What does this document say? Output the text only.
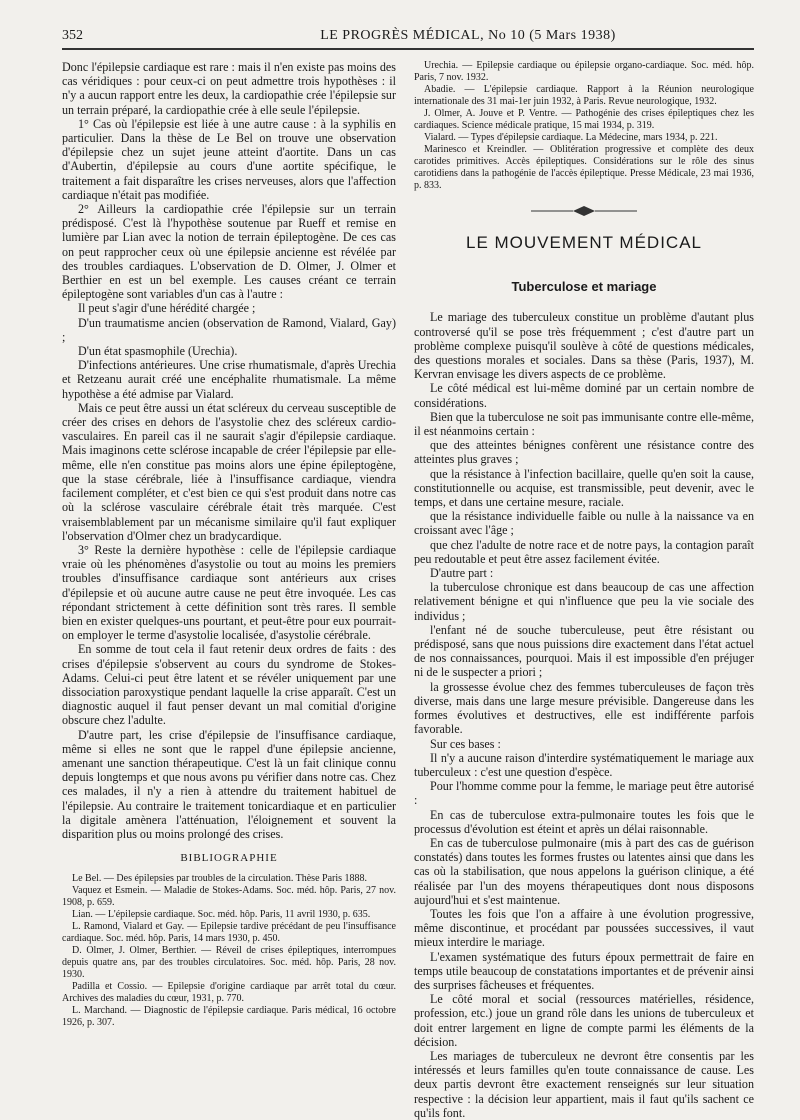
352	LE PROGRÈS MÉDICAL, No 10 (5 Mars 1938)

Donc l'épilepsie cardiaque est rare : mais il n'en existe pas moins des cas véridiques : pour ceux-ci on peut admettre trois hypothèses : il n'y a aucun rapport entre les deux, la cardiopathie crée l'épilepsie sur un terrain préparé, la cardiopathie crée à elle seule l'épilepsie.

1° Cas où l'épilepsie est liée à une autre cause : à la syphilis en particulier. Dans la thèse de Le Bel on trouve une observation d'épilepsie chez un sujet jeune atteint d'aortite. Dans un cas d'Aubertin, d'épilepsie au cours d'une aortite spécifique, le traitement a fait disparaître les crises nerveuses, alors que l'affection cardiaque n'était pas modifiée.

2° Ailleurs la cardiopathie crée l'épilepsie sur un terrain prédisposé. C'est là l'hypothèse soutenue par Rueff et remise en lumière par Lian avec la notion de terrain épileptogène. De ces cas on peut rapprocher ceux où une épilepsie ancienne est révélée par des troubles cardiaques. L'observation de D. Olmer, J. Olmer et Berthier en est un bel exemple. Les causes créant ce terrain épileptogène sont variables d'un cas à l'autre :

Il peut s'agir d'une hérédité chargée ;

D'un traumatisme ancien (observation de Ramond, Vialard, Gay) ;

D'un état spasmophile (Urechia).

D'infections antérieures. Une crise rhumatismale, d'après Urechia et Retzeanu aurait créé une encéphalite rhumatismale. La même hypothèse a été admise par Vialard.

Mais ce peut être aussi un état scléreux du cerveau susceptible de créer des crises en dehors de l'asystolie chez des scléreux cardio-vasculaires. En pareil cas il ne saurait s'agir d'épilepsie cardiaque. Mais imaginons cette sclérose incapable de créer l'épilepsie par elle-même, elle n'en constitue pas moins alors une épine épileptogène, que la stase cérébrale, liée à l'insuffisance cardiaque, viendra facilement compléter, et c'est bien ce qui s'est produit dans notre cas où la sclérose vasculaire cérébrale était très marquée. C'est vraisemblablement par un mécanisme similaire qu'il faut expliquer l'observation d'Olmer chez un bradycardique.

3° Reste la dernière hypothèse : celle de l'épilepsie cardiaque vraie où les phénomènes d'asystolie ou tout au moins les premiers troubles d'insuffisance cardiaque sont antérieurs aux crises d'épilepsie et où aucune autre cause ne peut être invoquée. Les cas répondant strictement à cette définition sont très rares. Il semble bien en exister quelques-uns pourtant, et peut-être pour eux pourrait-on employer le terme d'asystolie localisée, d'asystolie cérébrale.

En somme de tout cela il faut retenir deux ordres de faits : des crises d'épilepsie s'observent au cours du syndrome de Stokes-Adams. Celui-ci peut être latent et se révéler uniquement par une dissociation paroxystique pendant laquelle la crise apparaît. C'est un diagnostic auquel il faut penser devant un mal comitial d'origine obscure chez l'adulte.

D'autre part, les crise d'épilepsie de l'insuffisance cardiaque, même si elles ne sont que le rappel d'une épilepsie ancienne, amenant une sanction thérapeutique. C'est là un fait clinique connu depuis longtemps et que nous avons pu vérifier dans notre cas. Chez ces malades, il n'y a rien à attendre du traitement habituel de l'épilepsie. Au contraire le traitement tonicardiaque et en particulier la digitale amènera l'atténuation, l'éloignement et souvent la disparition plus ou moins prolongé des crises.

BIBLIOGRAPHIE

Le Bel. — Des épilepsies par troubles de la circulation. Thèse Paris 1888.

Vaquez et Esmein. — Maladie de Stokes-Adams. Soc. méd. hôp. Paris, 27 nov. 1908, p. 659.

Lian. — L'épilepsie cardiaque. Soc. méd. hôp. Paris, 11 avril 1930, p. 635.

L. Ramond, Vialard et Gay. — Epilepsie tardive précédant de peu l'insuffisance cardiaque. Soc. méd. hôp. Paris, 14 mars 1930, p. 450.

D. Olmer, J. Olmer, Berthier. — Réveil de crises épileptiques, interrompues depuis quatre ans, par des troubles circulatoires. Soc. méd. hôp. Paris, 28 nov. 1930.

Padilla et Cossio. — Epilepsie d'origine cardiaque par arrêt total du cœur. Archives des maladies du cœur, 1931, p. 770.

L. Marchand. — Diagnostic de l'épilepsie cardiaque. Paris médical, 16 octobre 1926, p. 307.

Urechia. — Epilepsie cardiaque ou épilepsie organo-cardiaque. Soc. méd. hôp. Paris, 7 nov. 1932.

Abadie. — L'épilepsie cardiaque. Rapport à la Réunion neurologique internationale des 31 mai-1er juin 1932, à Paris. Revue neurologique, 1932.

J. Olmer, A. Jouve et P. Ventre. — Pathogénie des crises épileptiques chez les cardiaques. Science médicale pratique, 15 mai 1934, p. 319.

Vialard. — Types d'épilepsie cardiaque. La Médecine, mars 1934, p. 221.

Marinesco et Kreindler. — Oblitération progressive et complète des deux carotides primitives. Accès épileptiques. Considérations sur le rôle des sinus carotidiens dans la pathogénie de l'accès épileptique. Presse Médicale, 23 mai 1936, p. 833.

LE MOUVEMENT MÉDICAL

Tuberculose et mariage

Le mariage des tuberculeux constitue un problème d'autant plus controversé qu'il se pose très fréquemment ; c'est d'autre part un problème complexe puisqu'il soulève à côté de questions médicales, des questions morales et sociales. Dans sa thèse (Paris, 1937), M. Kervran envisage les divers aspects de ce problème.

Le côté médical est lui-même dominé par un certain nombre de considérations.

Bien que la tuberculose ne soit pas immunisante contre elle-même, il est néanmoins certain :

que des atteintes bénignes confèrent une résistance contre des atteintes plus graves ;

que la résistance à l'infection bacillaire, quelle qu'en soit la cause, constitutionnelle ou acquise, est transmissible, peut devenir, avec le temps, et dans une certaine mesure, raciale.

que la résistance individuelle faible ou nulle à la naissance va en croissant avec l'âge ;

que chez l'adulte de notre race et de notre pays, la contagion paraît peu redoutable et peut être assez facilement évitée.

D'autre part :

la tuberculose chronique est dans beaucoup de cas une affection relativement bénigne et qui n'influence que peu la vie sociale des individus ;

l'enfant né de souche tuberculeuse, peut être résistant ou prédisposé, sans que nous puissions dire exactement dans l'état actuel de nos connaissances, pourquoi. Mais il est impossible d'en préjuger ni de le suspecter a priori ;

la grossesse évolue chez des femmes tuberculeuses de façon très diverse, mais dans une large mesure prévisible. Dangereuse dans les formes évolutives et destructives, elle est indifférente parfois favorable.

Sur ces bases :

Il n'y a aucune raison d'interdire systématiquement le mariage aux tuberculeux : c'est une question d'espèce.

Pour l'homme comme pour la femme, le mariage peut être autorisé :

En cas de tuberculose extra-pulmonaire toutes les fois que le processus d'évolution est éteint et après un délai raisonnable.

En cas de tuberculose pulmonaire (mis à part des cas de guérison constatés) dans toutes les formes frustes ou latentes ainsi que dans les cas où la stabilisation, que nous appelons la guérison clinique, a été réalisée par l'un des moyens thérapeutiques dont nous disposons aujourd'hui et s'est maintenue.

Toutes les fois que l'on a affaire à une évolution progressive, même discontinue, et procédant par poussées successives, il vaut mieux interdire le mariage.

L'examen systématique des futurs époux permettrait de faire en temps utile beaucoup de constatations importantes et de prévenir ainsi des surprises fâcheuses et fréquentes.

Le côté moral et social (ressources matérielles, résidence, profession, etc.) joue un grand rôle dans les unions de tuberculeux et doit entrer largement en ligne de compte parmi les éléments de la décision.

Les mariages de tuberculeux ne devront être consentis par les intéressés et leurs familles qu'en toute connaissance de cause. Les deux partis devront être exactement renseignés sur leur situation respective : la décision leur appartient, mais il faut qu'ils sachent ce qu'ils font.
